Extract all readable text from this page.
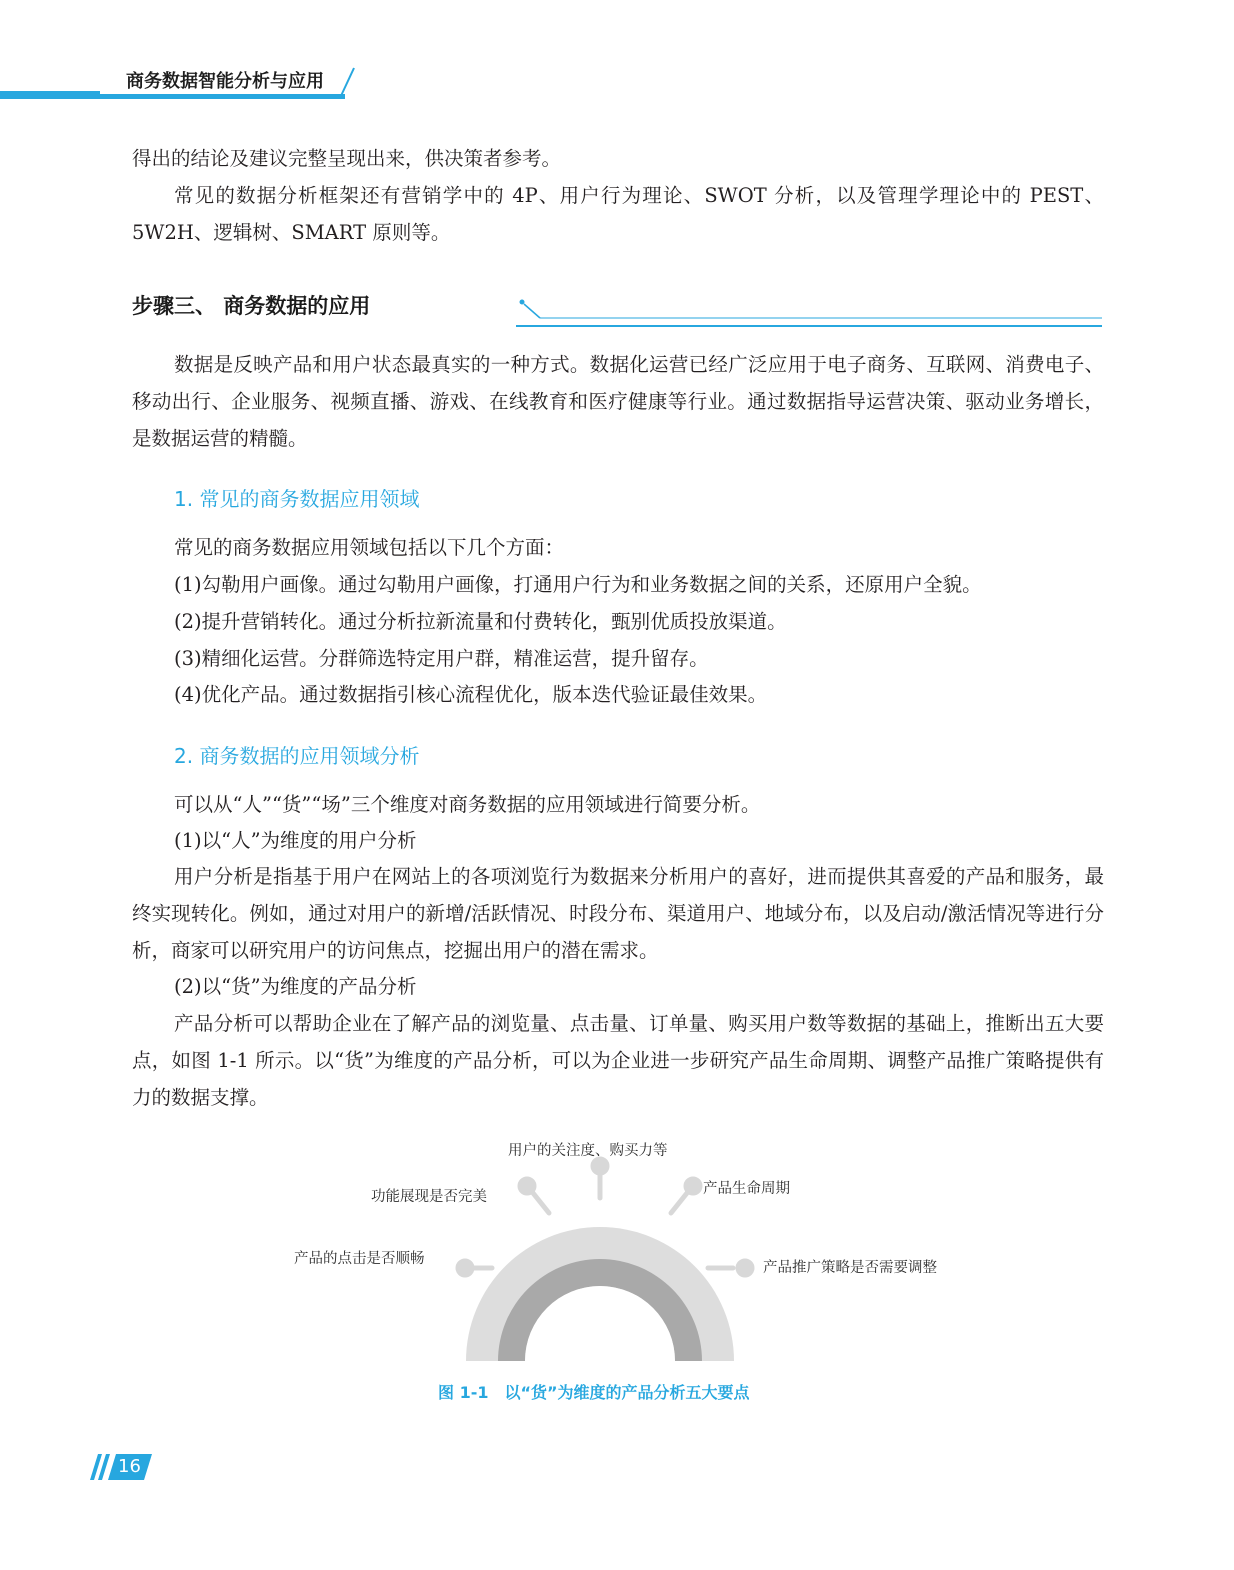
商务数据智能分析与应用

得出的结论及建议完整呈现出来，供决策者参考。

常见的数据分析框架还有营销学中的 4P、用户行为理论、SWOT 分析，以及管理学理论中的 PEST、5W2H、逻辑树、SMART 原则等。

步骤三、 商务数据的应用

数据是反映产品和用户状态最真实的一种方式。数据化运营已经广泛应用于电子商务、互联网、消费电子、移动出行、企业服务、视频直播、游戏、在线教育和医疗健康等行业。通过数据指导运营决策、驱动业务增长，是数据运营的精髓。

1. 常见的商务数据应用领域

常见的商务数据应用领域包括以下几个方面：

(1)勾勒用户画像。通过勾勒用户画像，打通用户行为和业务数据之间的关系，还原用户全貌。

(2)提升营销转化。通过分析拉新流量和付费转化，甄别优质投放渠道。

(3)精细化运营。分群筛选特定用户群，精准运营，提升留存。

(4)优化产品。通过数据指引核心流程优化，版本迭代验证最佳效果。

2. 商务数据的应用领域分析

可以从“人”“货”“场”三个维度对商务数据的应用领域进行简要分析。

(1)以“人”为维度的用户分析

用户分析是指基于用户在网站上的各项浏览行为数据来分析用户的喜好，进而提供其喜爱的产品和服务，最终实现转化。例如，通过对用户的新增/活跃情况、时段分布、渠道用户、地域分布，以及启动/激活情况等进行分析，商家可以研究用户的访问焦点，挖掘出用户的潜在需求。

(2)以“货”为维度的产品分析

产品分析可以帮助企业在了解产品的浏览量、点击量、订单量、购买用户数等数据的基础上，推断出五大要点，如图 1-1 所示。以“货”为维度的产品分析，可以为企业进一步研究产品生命周期、调整产品推广策略提供有力的数据支撑。

用户的关注度、购买力等
功能展现是否完美	产品生命周期
产品的点击是否顺畅
产品推广策略是否需要调整
图 1-1　以“货”为维度的产品分析五大要点
16
